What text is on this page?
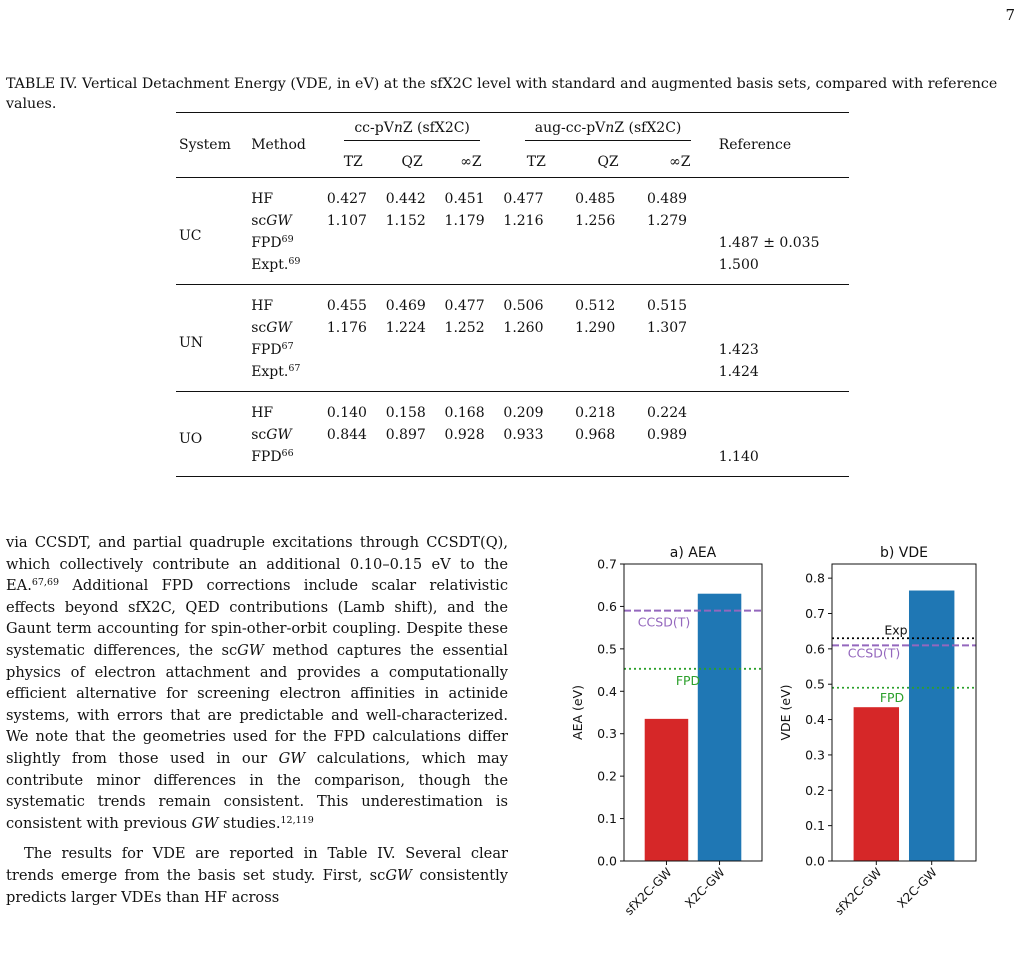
7
TABLE IV. Vertical Detachment Energy (VDE, in eV) at the sfX2C level with standard and augmented basis sets, compared with reference values.

System	Method	cc-pVnZ (sfX2C)			aug-cc-pVnZ (sfX2C)			Reference
		TZ	QZ	∞Z	TZ	QZ	∞Z	

UC	HF	0.427	0.442	0.451	0.477	0.485	0.489	
	scGW	1.107	1.152	1.179	1.216	1.256	1.279	
	FPD$^{69}$							1.487 ± 0.035
	Expt.$^{69}$							1.500

UN	HF	0.455	0.469	0.477	0.506	0.512	0.515	
	scGW	1.176	1.224	1.252	1.260	1.290	1.307	
	FPD$^{67}$							1.423
	Expt.$^{67}$							1.424

UO	HF	0.140	0.158	0.168	0.209	0.218	0.224	
	scGW	0.844	0.897	0.928	0.933	0.968	0.989	
	FPD$^{66}$							1.140

via CCSDT, and partial quadruple excitations through CCSDT(Q), which collectively contribute an additional 0.10–0.15 eV to the EA.$^{67,69}$ Additional FPD corrections include scalar relativistic effects beyond sfX2C, QED contributions (Lamb shift), and the Gaunt term accounting for spin-other-orbit coupling. Despite these systematic differences, the scGW method captures the essential physics of electron attachment and provides a computationally efficient alternative for screening electron affinities in actinide systems, with errors that are predictable and well-characterized. We note that the geometries used for the FPD calculations differ slightly from those used in our GW calculations, which may contribute minor differences in the comparison, though the systematic trends remain consistent. This underestimation is consistent with previous GW studies.$^{12,119}$

The results for VDE are reported in Table IV. Several clear trends emerge from the basis set study. First, scGW consistently predicts larger VDEs than HF across

CCSD(T)
FPD
0.0
0.1
0.2
0.3
0.4
0.5
0.6
0.7
sfX2C-GW X2C-GW
a) AEA
AEA (eV)
Exp
CCSD(T)
FPD
0.0
0.1
0.2
0.3
0.4
0.5
0.6
0.7
0.8
sfX2C-GW X2C-GW
b) VDE
VDE (eV)
